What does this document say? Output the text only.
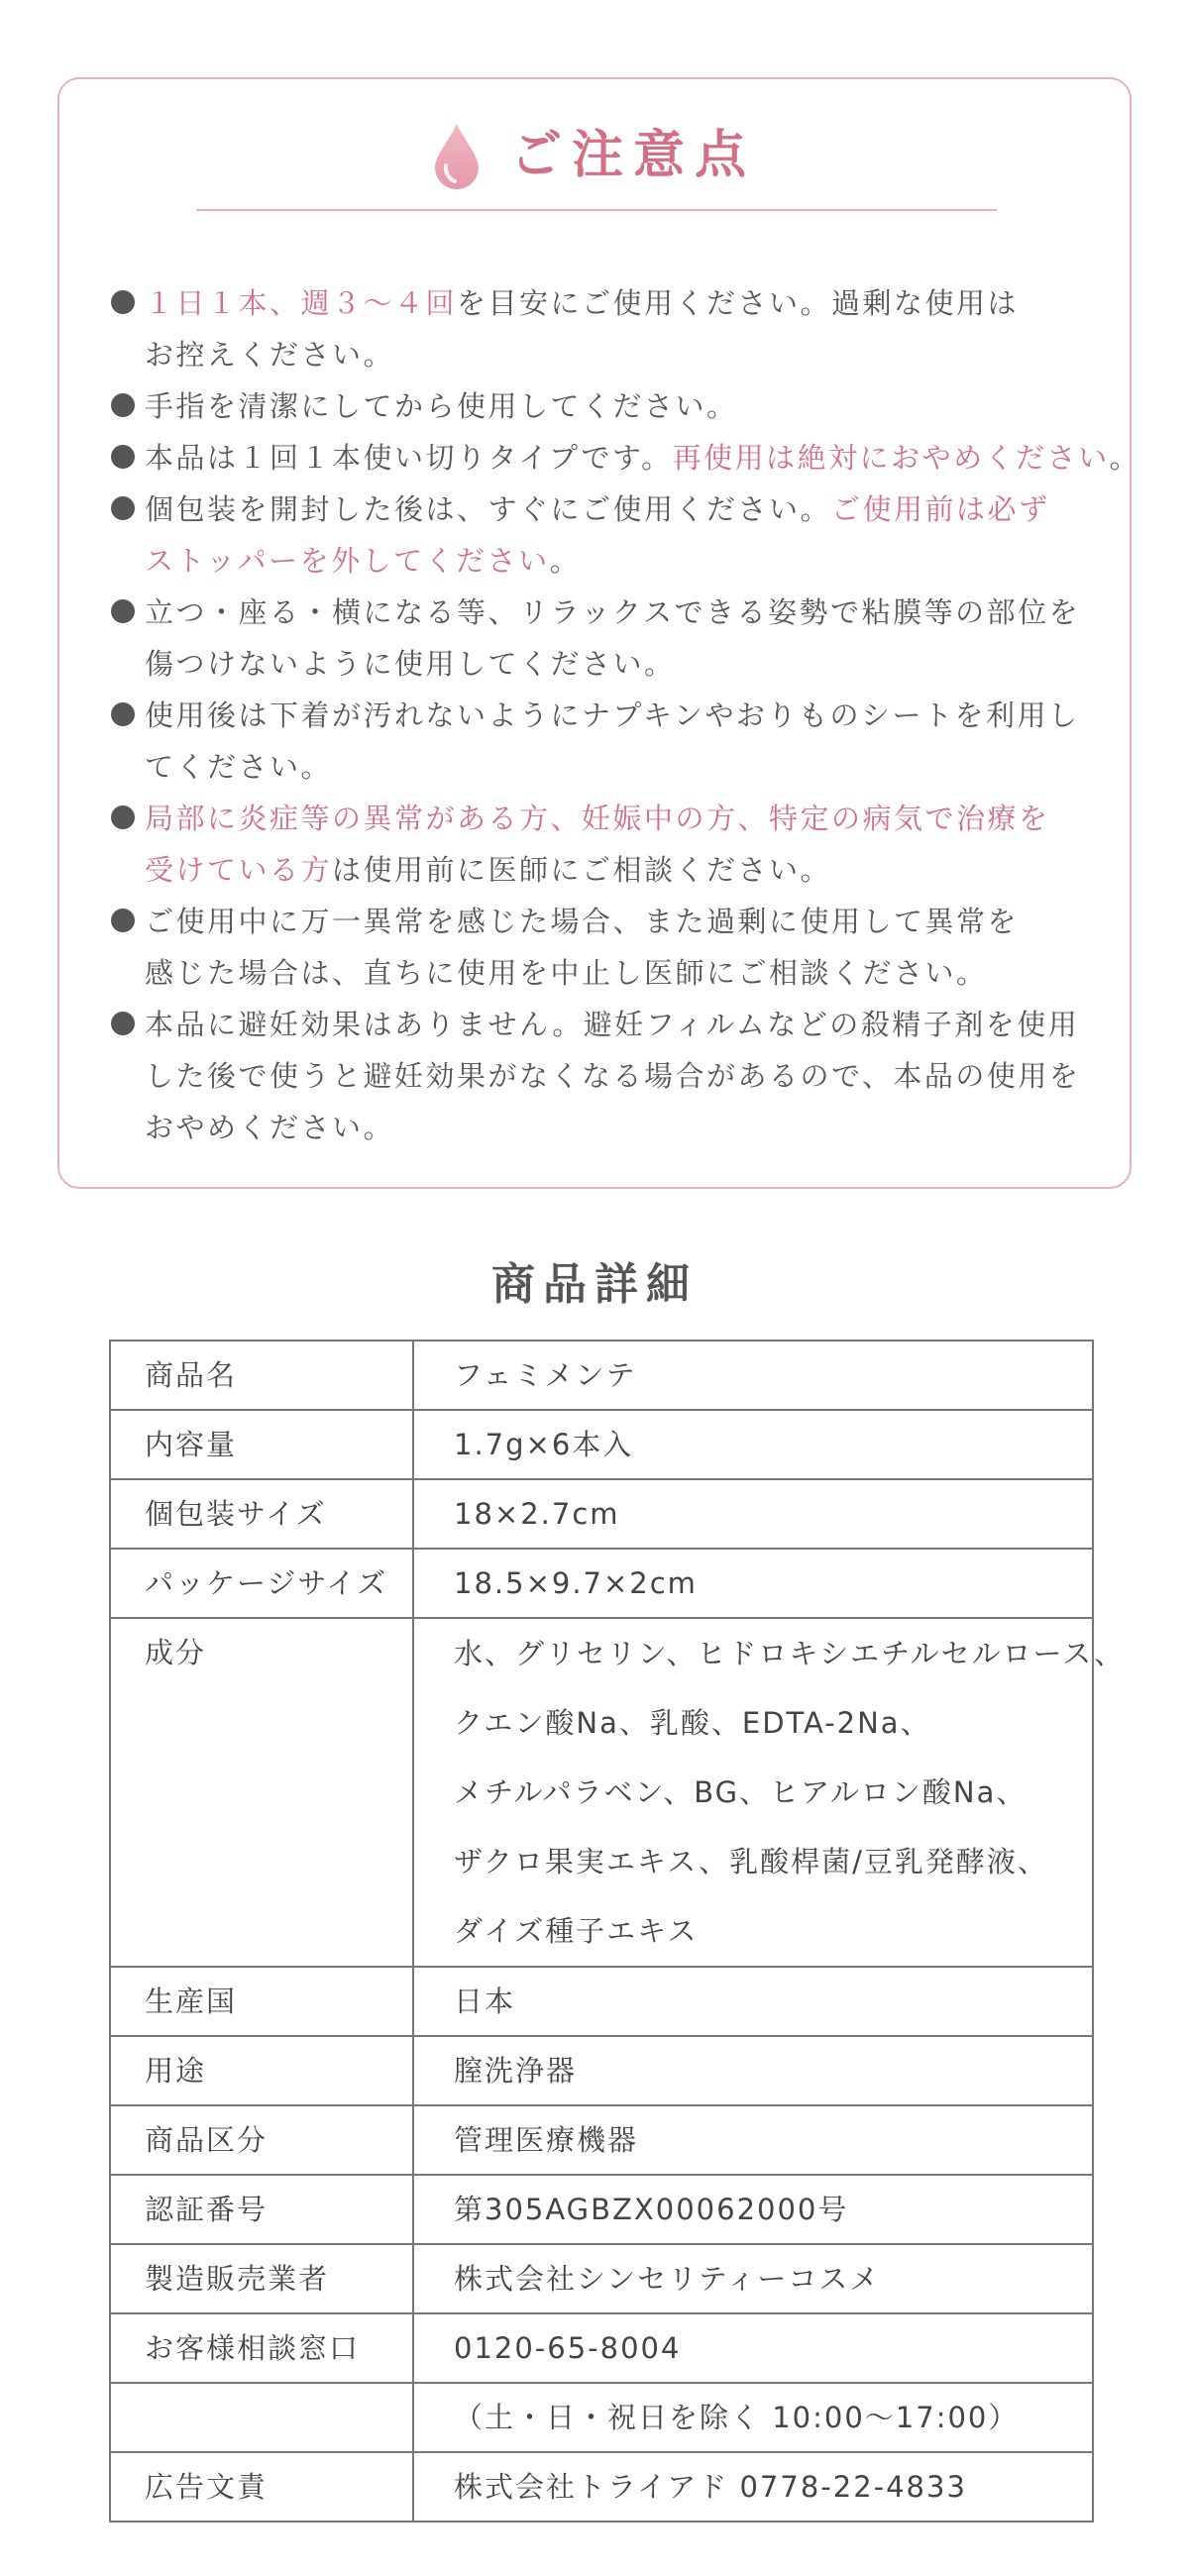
ご注意点
１日１本、週３～４回を目安にご使用ください。過剰な使用は
お控えください。
手指を清潔にしてから使用してください。
本品は１回１本使い切りタイプです。再使用は絶対におやめください。
個包装を開封した後は、すぐにご使用ください。ご使用前は必ず
ストッパーを外してください。
立つ・座る・横になる等、リラックスできる姿勢で粘膜等の部位を
傷つけないように使用してください。
使用後は下着が汚れないようにナプキンやおりものシートを利用し
てください。
局部に炎症等の異常がある方、妊娠中の方、特定の病気で治療を
受けている方は使用前に医師にご相談ください。
ご使用中に万一異常を感じた場合、また過剰に使用して異常を
感じた場合は、直ちに使用を中止し医師にご相談ください。
本品に避妊効果はありません。避妊フィルムなどの殺精子剤を使用
した後で使うと避妊効果がなくなる場合があるので、本品の使用を
おやめください。
商品詳細
商品名	フェミメンテ

内容量	1.7g×6本入

個包装サイズ	18×2.7cm

パッケージサイズ	18.5×9.7×2cm

成分	水、グリセリン、ヒドロキシエチルセルロース、
クエン酸Na、乳酸、EDTA-2Na、
メチルパラベン、BG、ヒアルロン酸Na、
ザクロ果実エキス、乳酸桿菌/豆乳発酵液、
ダイズ種子エキス

生産国	日本

用途	膣洗浄器

商品区分	管理医療機器

認証番号	第305AGBZX00062000号

製造販売業者	株式会社シンセリティーコスメ

お客様相談窓口	0120-65-8004

	（土・日・祝日を除く 10:00～17:00）

広告文責	株式会社トライアド 0778-22-4833
